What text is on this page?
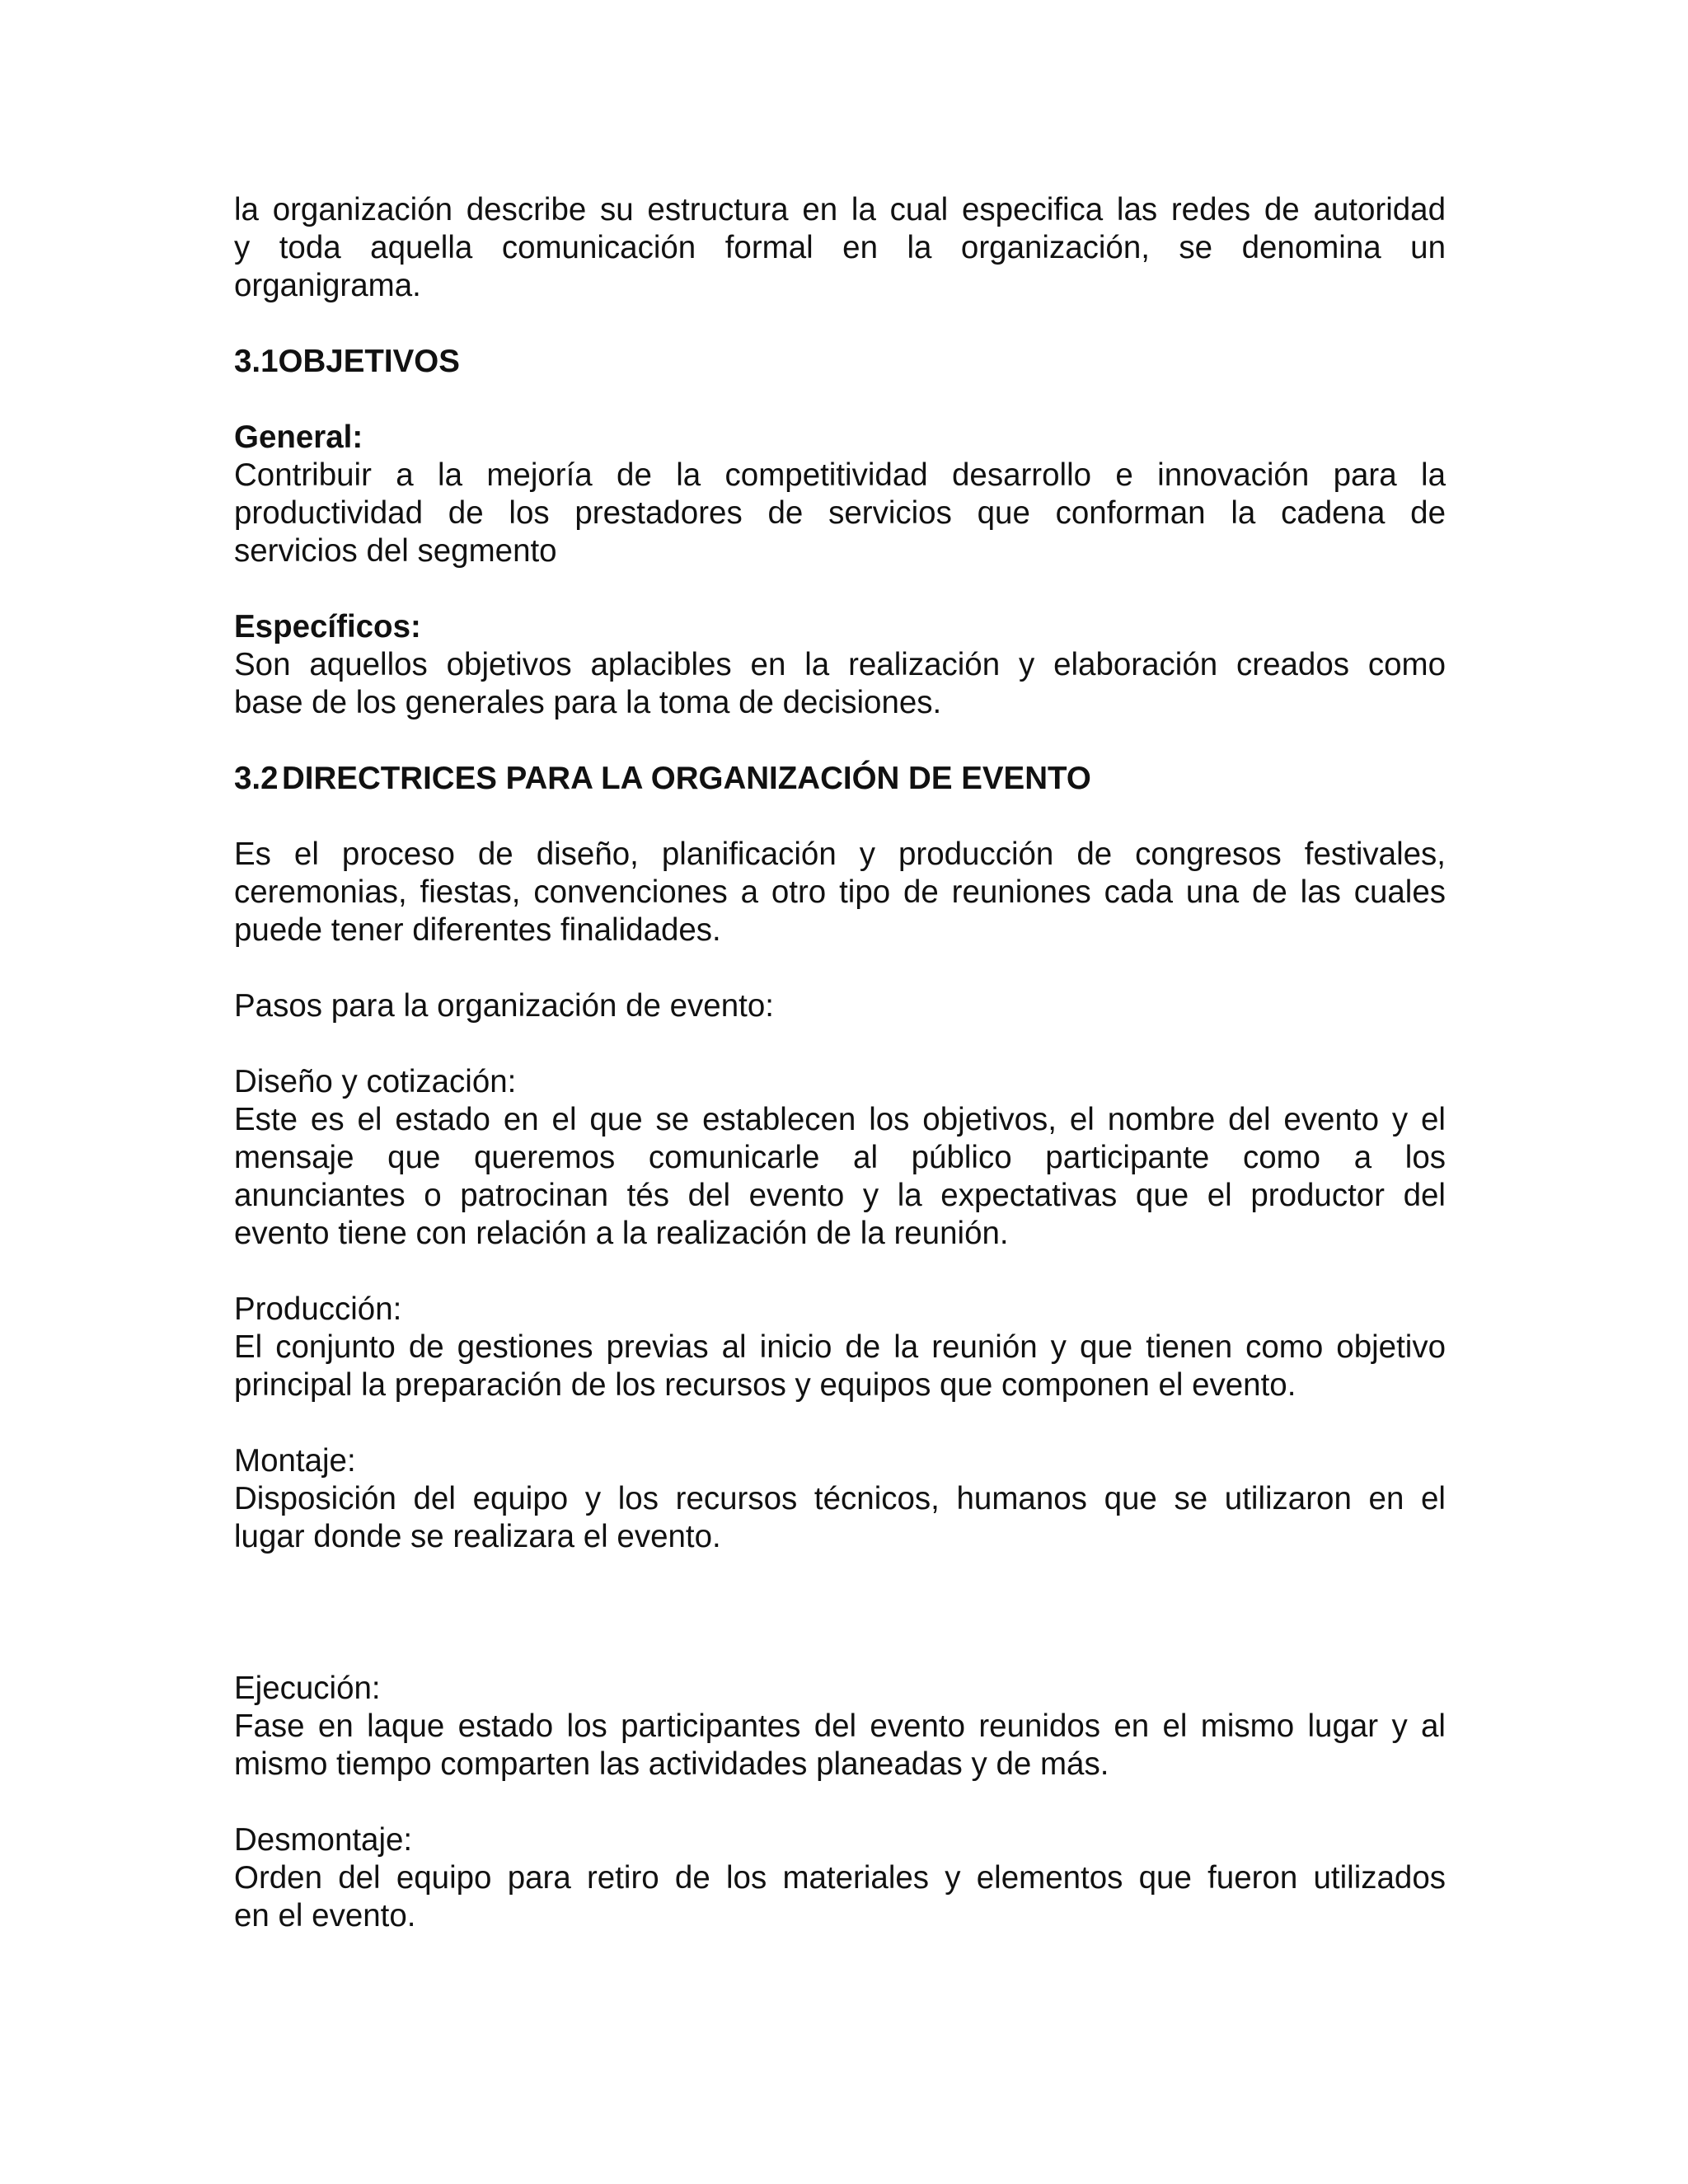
la organización describe su estructura en la cual especifica las redes de autoridad

y toda aquella comunicación formal en la organización, se denomina un

organigrama.

3.1OBJETIVOS

General:

Contribuir a la mejoría de la competitividad desarrollo e innovación para la

productividad de los prestadores de servicios que conforman la cadena de

servicios del segmento

Específicos:

Son aquellos objetivos aplacibles en la realización y elaboración creados como

base de los generales para la toma de decisiones.

3.2 DIRECTRICES PARA LA ORGANIZACIÓN DE EVENTO

Es el proceso de diseño, planificación y producción de congresos festivales,

ceremonias, fiestas, convenciones a otro tipo de reuniones cada una de las cuales

puede tener diferentes finalidades.

Pasos para la organización de evento:

Diseño y cotización:

Este es el estado en el que se establecen los objetivos, el nombre del evento y el

mensaje que queremos comunicarle al público participante como a los

anunciantes o patrocinan tés del evento y la expectativas que el productor del

evento tiene con relación a la realización de la reunión.

Producción:

El conjunto de gestiones previas al inicio de la reunión y que tienen como objetivo

principal la preparación de los recursos y equipos que componen el evento.

Montaje:

Disposición del equipo y los recursos técnicos, humanos que se utilizaron en el

lugar donde se realizara el evento.

Ejecución:

Fase en laque estado los participantes del evento reunidos en el mismo lugar y al

mismo tiempo comparten las actividades planeadas y de más.

Desmontaje:

Orden del equipo para retiro de los materiales y elementos que fueron utilizados

en el evento.
